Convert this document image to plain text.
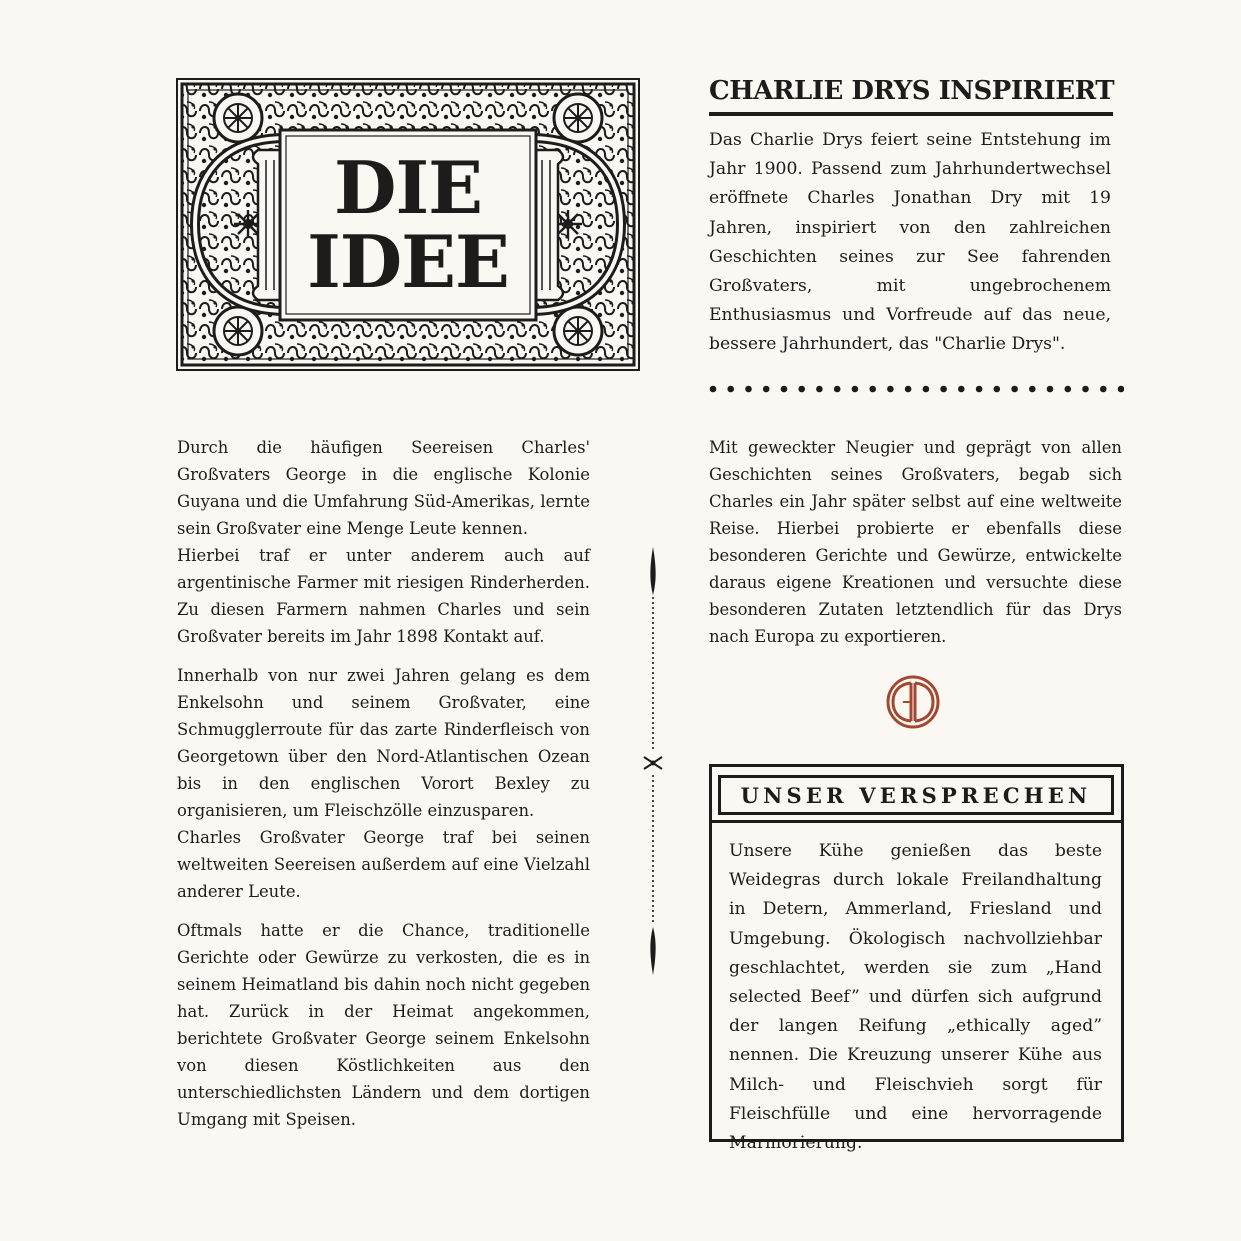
DIE
IDEE
CHARLIE DRYS INSPIRIERT

Das Charlie Drys feiert seine Entstehung im Jahr 1900. Passend zum Jahrhundertwechsel eröffnete Charles Jonathan Dry mit 19 Jahren, inspiriert von den zahlreichen Geschichten seines zur See fahrenden Großvaters, mit ungebrochenem Enthusiasmus und Vorfreude auf das neue, bessere Jahrhundert, das "Charlie Drys".

Durch die häufigen Seereisen Charles' Großvaters George in die englische Kolonie Guyana und die Umfahrung Süd-Amerikas, lernte sein Großvater eine Menge Leute kennen.

Hierbei traf er unter anderem auch auf argentinische Farmer mit riesigen Rinderherden. Zu diesen Farmern nahmen Charles und sein Großvater bereits im Jahr 1898 Kontakt auf.

Innerhalb von nur zwei Jahren gelang es dem Enkelsohn und seinem Großvater, eine Schmugglerroute für das zarte Rinderfleisch von Georgetown über den Nord-Atlantischen Ozean bis in den englischen Vorort Bexley zu organisieren, um Fleischzölle einzusparen.

Charles Großvater George traf bei seinen weltweiten Seereisen außerdem auf eine Vielzahl anderer Leute.

Oftmals hatte er die Chance, traditionelle Gerichte oder Gewürze zu verkosten, die es in seinem Heimatland bis dahin noch nicht gegeben hat. Zurück in der Heimat angekommen, berichtete Großvater George seinem Enkelsohn von diesen Köstlichkeiten aus den unterschiedlichsten Ländern und dem dortigen Umgang mit Speisen.

Mit geweckter Neugier und geprägt von allen Geschichten seines Großvaters, begab sich Charles ein Jahr später selbst auf eine weltweite Reise. Hierbei probierte er ebenfalls diese besonderen Gerichte und Gewürze, entwickelte daraus eigene Kreationen und versuchte diese besonderen Zutaten letztendlich für das Drys nach Europa zu exportieren.

UNSER VERSPRECHEN

Unsere Kühe genießen das beste Weidegras durch lokale Freilandhaltung in Detern, Ammerland, Friesland und Umgebung. Ökologisch nachvollziehbar geschlachtet, werden sie zum „Hand selected Beef” und dürfen sich aufgrund der langen Reifung „ethically aged” nennen. Die Kreuzung unserer Kühe aus Milch- und Fleischvieh sorgt für Fleischfülle und eine hervorragende Marmorierung.
